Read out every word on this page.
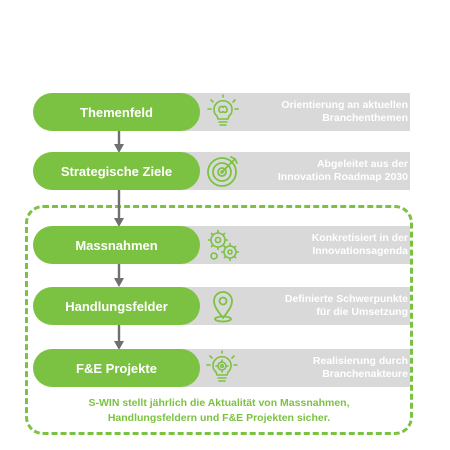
Orientierung an aktuellen
Branchenthemen
Themenfeld
Abgeleitet aus der
Innovation Roadmap 2030
Strategische Ziele
Konkretisiert in der
Innovationsagenda
Massnahmen
Definierte Schwerpunkte
für die Umsetzung
Handlungsfelder
Realisierung durch
Branchenakteure
F&E Projekte
S-WIN stellt jährlich die Aktualität von Massnahmen,
Handlungsfeldern und F&E Projekten sicher.
